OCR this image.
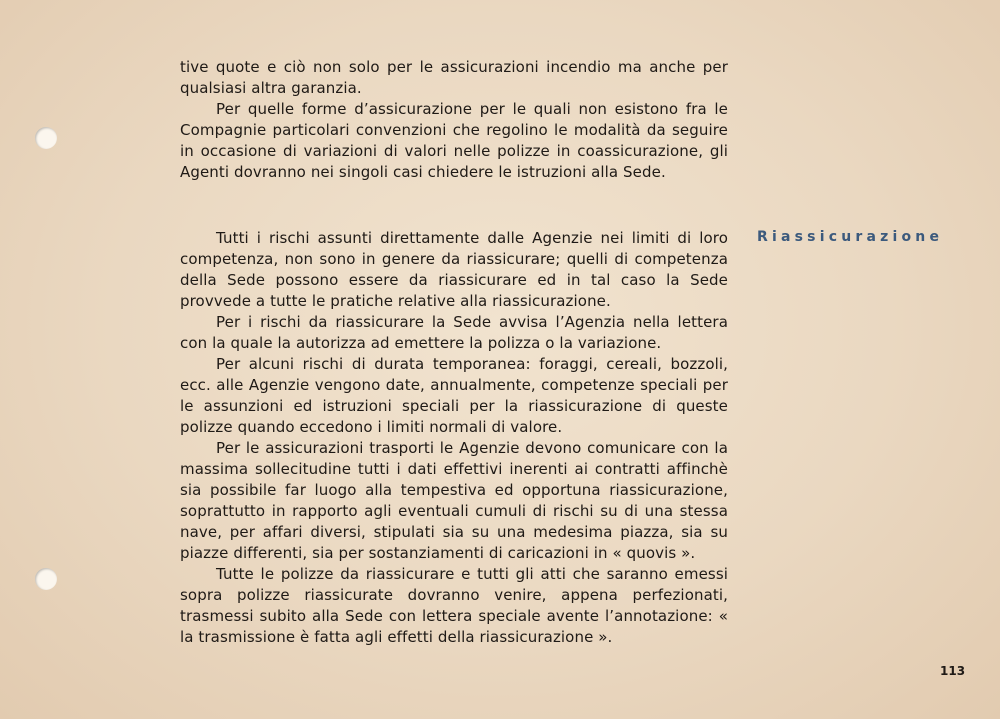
tive quote e ciò non solo per le assicurazioni incendio ma anche per qualsiasi altra garanzia.

Per quelle forme d’assicurazione per le quali non esistono fra le Compagnie particolari convenzioni che regolino le modalità da seguire in occasione di variazioni di valori nelle polizze in coassicurazione, gli Agenti dovranno nei singoli casi chiedere le istruzioni alla Sede.

Riassicurazione

Tutti i rischi assunti direttamente dalle Agenzie nei limiti di loro competenza, non sono in genere da riassicurare; quelli di competenza della Sede possono essere da riassicurare ed in tal caso la Sede provvede a tutte le pratiche relative alla riassicurazione.

Per i rischi da riassicurare la Sede avvisa l’Agenzia nella lettera con la quale la autorizza ad emettere la polizza o la variazione.

Per alcuni rischi di durata temporanea: foraggi, cereali, bozzoli, ecc. alle Agenzie vengono date, annualmente, competenze speciali per le assunzioni ed istruzioni speciali per la riassicurazione di queste polizze quando eccedono i limiti normali di valore.

Per le assicurazioni trasporti le Agenzie devono comunicare con la massima sollecitudine tutti i dati effettivi inerenti ai contratti affinchè sia possibile far luogo alla tempestiva ed opportuna riassicurazione, soprattutto in rapporto agli eventuali cumuli di rischi su di una stessa nave, per affari diversi, stipulati sia su una medesima piazza, sia su piazze differenti, sia per sostanziamenti di caricazioni in « quovis ».

Tutte le polizze da riassicurare e tutti gli atti che saranno emessi sopra polizze riassicurate dovranno venire, appena perfezionati, trasmessi subito alla Sede con lettera speciale avente l’annotazione: « la trasmissione è fatta agli effetti della riassicurazione ».

113
